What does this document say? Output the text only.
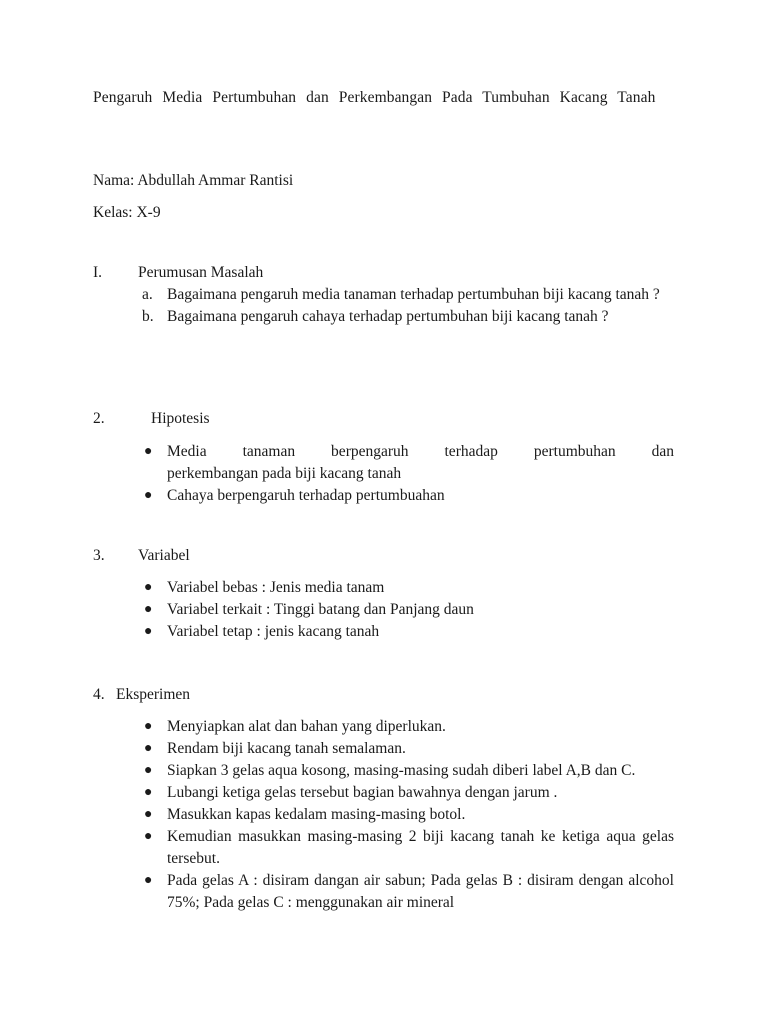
Pengaruh Media Pertumbuhan dan Perkembangan Pada Tumbuhan Kacang Tanah
Nama: Abdullah Ammar Rantisi
Kelas: X-9
I. Perumusan Masalah
a. Bagaimana pengaruh media tanaman terhadap pertumbuhan biji kacang tanah ?
b. Bagaimana pengaruh cahaya terhadap pertumbuhan biji kacang tanah ?
2.	Hipotesis
● Media tanaman berpengaruh terhadap pertumbuhan dan
perkembangan pada biji kacang tanah
● Cahaya berpengaruh terhadap pertumbuahan
3. Variabel
● Variabel bebas : Jenis media tanam
● Variabel terkait : Tinggi batang dan Panjang daun
● Variabel tetap : jenis kacang tanah
4. Eksperimen
● Menyiapkan alat dan bahan yang diperlukan.
● Rendam biji kacang tanah semalaman.
● Siapkan 3 gelas aqua kosong, masing-masing sudah diberi label A,B dan C.
● Lubangi ketiga gelas tersebut bagian bawahnya dengan jarum .
● Masukkan kapas kedalam masing-masing botol.
● Kemudian masukkan masing-masing 2 biji kacang tanah ke ketiga aqua gelas tersebut.
● Pada gelas A : disiram dangan air sabun; Pada gelas B : disiram dengan alcohol 75%; Pada gelas C : menggunakan air mineral
